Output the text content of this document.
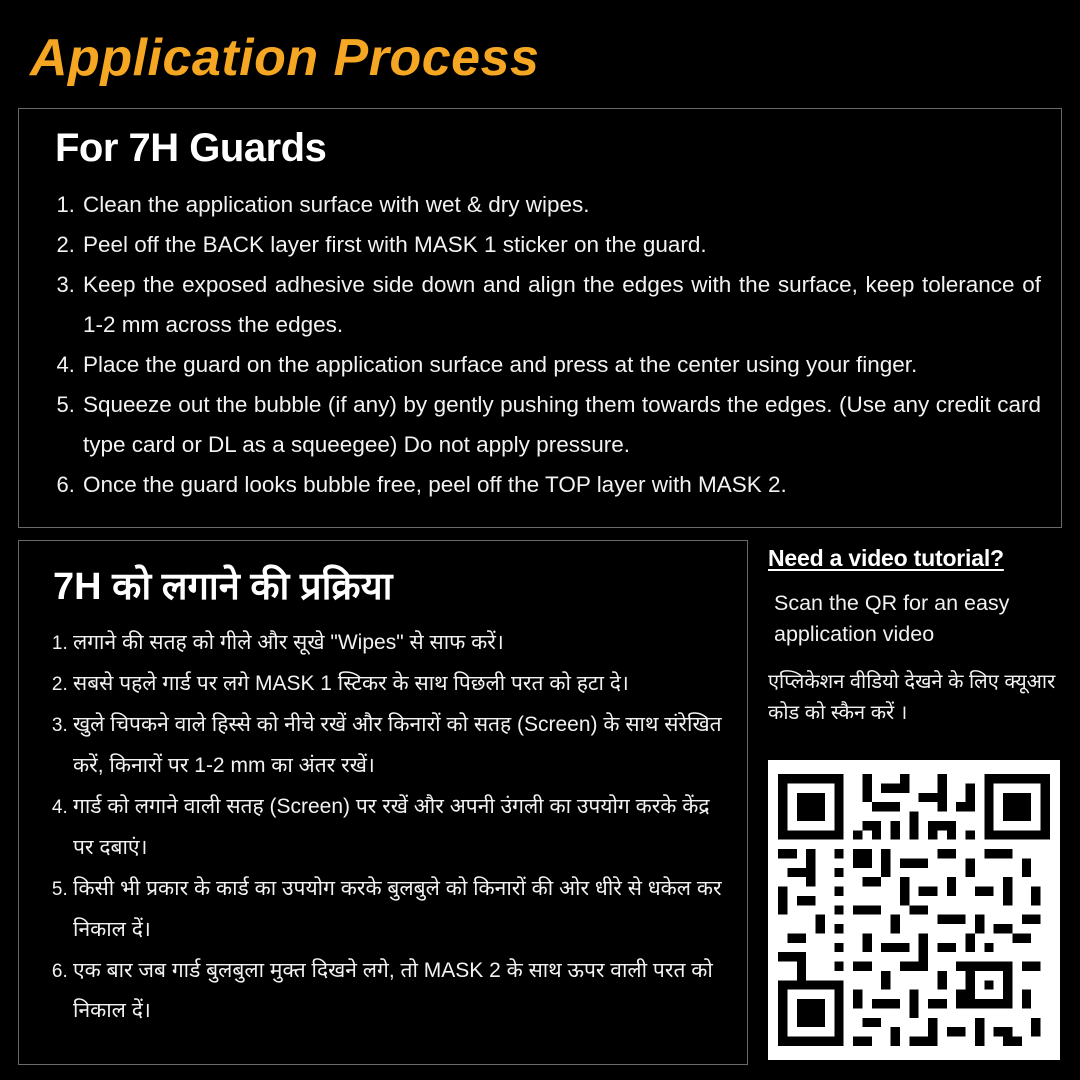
Application Process
For 7H Guards
1. Clean the application surface with wet & dry wipes.
2. Peel off the BACK layer first with MASK 1 sticker on the guard.
3. Keep the exposed adhesive side down and align the edges with the surface, keep tolerance of 1-2 mm across the edges.
4. Place the guard on the application surface and press at the center using your finger.
5. Squeeze out the bubble (if any) by gently pushing them towards the edges. (Use any credit card type card or DL as a squeegee) Do not apply pressure.
6. Once the guard looks bubble free, peel off the TOP layer with MASK 2.
7H को लगाने की प्रक्रिया
1. लगाने की सतह को गीले और सूखे "Wipes" से साफ करें।
2. सबसे पहले गार्ड पर लगे MASK 1 स्टिकर के साथ पिछली परत को हटा दे।
3. खुले चिपकने वाले हिस्से को नीचे रखें और किनारों को सतह (Screen) के साथ संरेखित करें, किनारों पर 1-2 mm का अंतर रखें।
4. गार्ड को लगाने वाली सतह (Screen) पर रखें और अपनी उंगली का उपयोग करके केंद्र पर दबाएं।
5. किसी भी प्रकार के कार्ड का उपयोग करके बुलबुले को किनारों की ओर धीरे से धकेल कर निकाल दें।
6. एक बार जब गार्ड बुलबुला मुक्त दिखने लगे, तो MASK 2 के साथ ऊपर वाली परत को निकाल दें।
Need a video tutorial?
Scan the QR for an easy application video
एप्लिकेशन वीडियो देखने के लिए क्यूआर कोड को स्कैन करें ।
